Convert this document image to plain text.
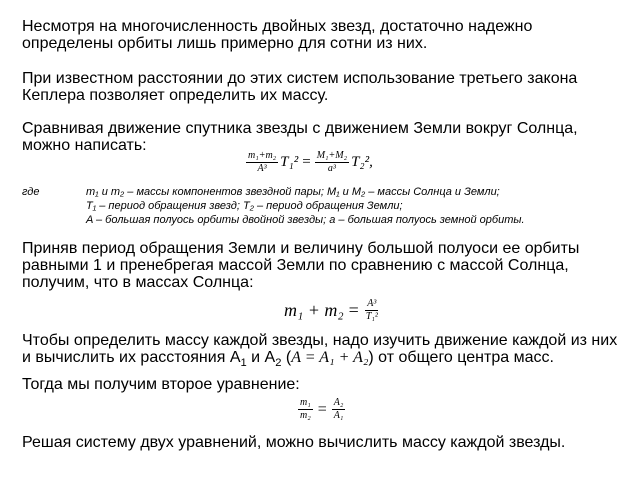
Несмотря на многочисленность двойных звезд, достаточно надежно определены орбиты лишь примерно для сотни из них.

При известном расстоянии до этих систем использование третьего закона Кеплера позволяет определить их массу.

Сравнивая движение спутника звезды с движением Земли вокруг Солнца, можно написать:

$\frac{\text{m₁+m₂}}{\text{A³}} T_1^2 = \frac{\text{M₁+M₂}}{\text{a³}} T_2^2$ ,
где	m₁ и m₂ – массы компонентов звездной пары; M₁ и M₂ – массы Солнца и Земли;
T₁ – период обращения звезд; T₂ – период обращения Земли;
A – большая полуось орбиты двойной звезды; a – большая полуось земной орбиты.

Приняв период обращения Земли и величину большой полуоси ее орбиты равными 1 и пренебрегая массой Земли по сравнению с массой Солнца, получим, что в массах Солнца:

$m_1 + m_2 = \frac{\text{A³}}{\text{T₁²}}$

Чтобы определить массу каждой звезды, надо изучить движение каждой из них и вычислить их расстояния $A_1$ и $A_2$ (A = A₁ + A₂) от общего центра масс.

Тогда мы получим второе уравнение:

$\frac{\text{m₁}}{\text{m₂}} = \frac{\text{A₂}}{\text{A₁}}$

Решая систему двух уравнений, можно вычислить массу каждой звезды.
